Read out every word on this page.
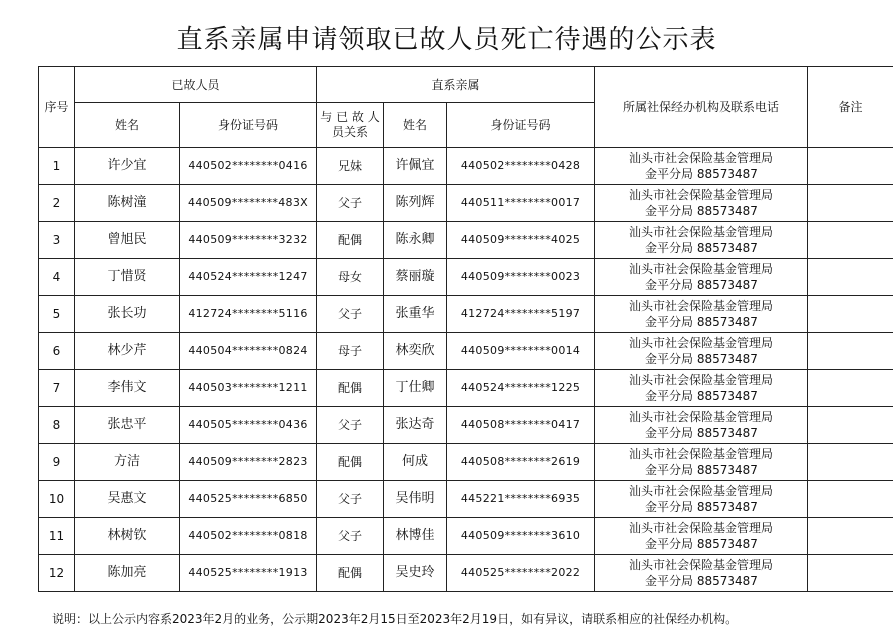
直系亲属申请领取已故人员死亡待遇的公示表
序号	已故人员		直系亲属			所属社保经办机构及联系电话	备注
	姓名	身份证号码	与 已 故 人员关系	姓名	身份证号码		
1	许少宜	440502********0416	兄妹	许佩宜	440502********0428	汕头市社会保险基金管理局
金平分局 88573487	

2	陈树潼	440509********483X	父子	陈列辉	440511********0017	汕头市社会保险基金管理局
金平分局 88573487	

3	曾旭民	440509********3232	配偶	陈永卿	440509********4025	汕头市社会保险基金管理局
金平分局 88573487	

4	丁惜贤	440524********1247	母女	蔡丽璇	440509********0023	汕头市社会保险基金管理局
金平分局 88573487	

5	张长功	412724********5116	父子	张重华	412724********5197	汕头市社会保险基金管理局
金平分局 88573487	

6	林少芹	440504********0824	母子	林奕欣	440509********0014	汕头市社会保险基金管理局
金平分局 88573487	

7	李伟文	440503********1211	配偶	丁仕卿	440524********1225	汕头市社会保险基金管理局
金平分局 88573487	

8	张忠平	440505********0436	父子	张达奇	440508********0417	汕头市社会保险基金管理局
金平分局 88573487	

9	方洁	440509********2823	配偶	何成	440508********2619	汕头市社会保险基金管理局
金平分局 88573487	

10	吴惠文	440525********6850	父子	吴伟明	445221********6935	汕头市社会保险基金管理局
金平分局 88573487	

11	林树钦	440502********0818	父子	林博佳	440509********3610	汕头市社会保险基金管理局
金平分局 88573487	

12	陈加亮	440525********1913	配偶	吴史玲	440525********2022	汕头市社会保险基金管理局
金平分局 88573487	

说明：以上公示内容系2023年2月的业务，公示期2023年2月15日至2023年2月19日，如有异议，请联系相应的社保经办机构。
